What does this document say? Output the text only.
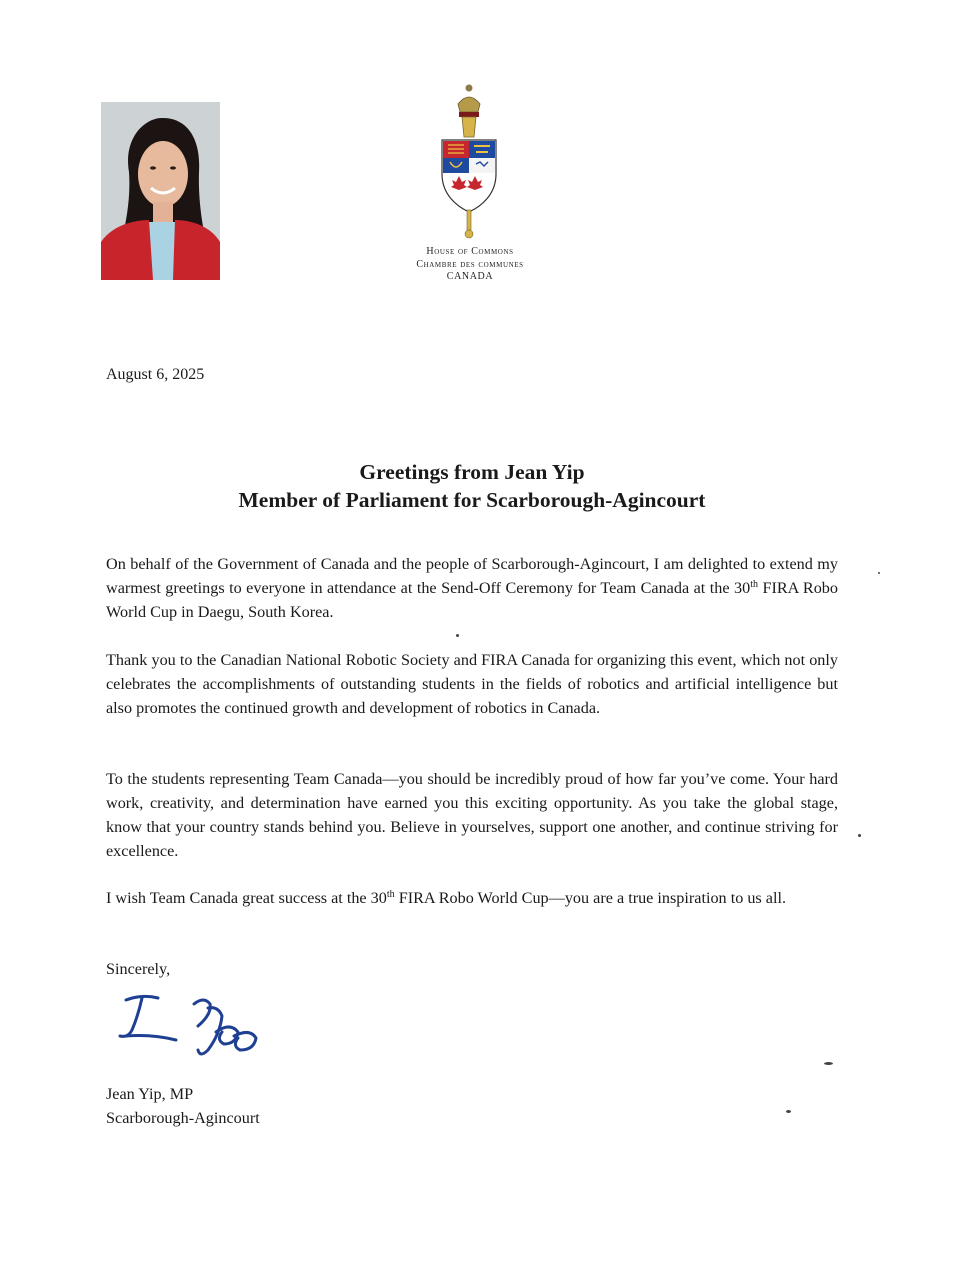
House of Commons
Chambre des communes
CANADA
August 6, 2025
Greetings from Jean Yip
Member of Parliament for Scarborough-Agincourt
On behalf of the Government of Canada and the people of Scarborough-Agincourt, I am delighted to extend my warmest greetings to everyone in attendance at the Send-Off Ceremony for Team Canada at the 30th FIRA Robo World Cup in Daegu, South Korea.
Thank you to the Canadian National Robotic Society and FIRA Canada for organizing this event, which not only celebrates the accomplishments of outstanding students in the fields of robotics and artificial intelligence but also promotes the continued growth and development of robotics in Canada.
To the students representing Team Canada—you should be incredibly proud of how far you’ve come. Your hard work, creativity, and determination have earned you this exciting opportunity. As you take the global stage, know that your country stands behind you. Believe in yourselves, support one another, and continue striving for excellence.
I wish Team Canada great success at the 30th FIRA Robo World Cup—you are a true inspiration to us all.
Sincerely,
Jean Yip, MP
Scarborough-Agincourt
